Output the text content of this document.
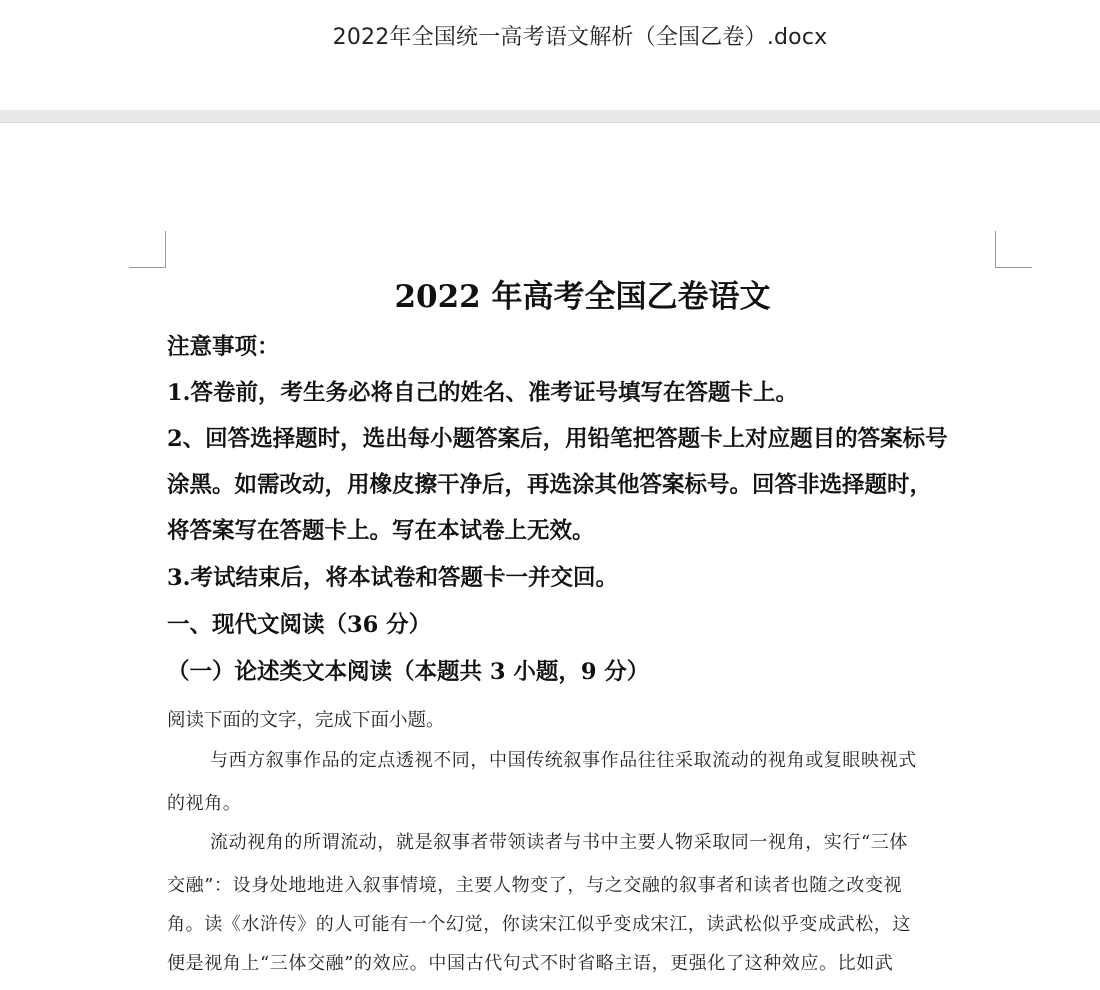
2022年全国统一高考语文解析（全国乙卷）.docx
2022 年高考全国乙卷语文
注意事项：
1.答卷前，考生务必将自己的姓名、准考证号填写在答题卡上。
2、回答选择题时，选出每小题答案后，用铅笔把答题卡上对应题目的答案标号
涂黑。如需改动，用橡皮擦干净后，再选涂其他答案标号。回答非选择题时，
将答案写在答题卡上。写在本试卷上无效。
3.考试结束后，将本试卷和答题卡一并交回。
一、现代文阅读（36 分）
（一）论述类文本阅读（本题共 3 小题，9 分）
阅读下面的文字，完成下面小题。
与西方叙事作品的定点透视不同，中国传统叙事作品往往采取流动的视角或复眼映视式
的视角。
流动视角的所谓流动，就是叙事者带领读者与书中主要人物采取同一视角，实行“三体
交融”：设身处地地进入叙事情境，主要人物变了，与之交融的叙事者和读者也随之改变视
角。读《水浒传》的人可能有一个幻觉，你读宋江似乎变成宋江，读武松似乎变成武松，这
便是视角上“三体交融”的效应。中国古代句式不时省略主语，更强化了这种效应。比如武
